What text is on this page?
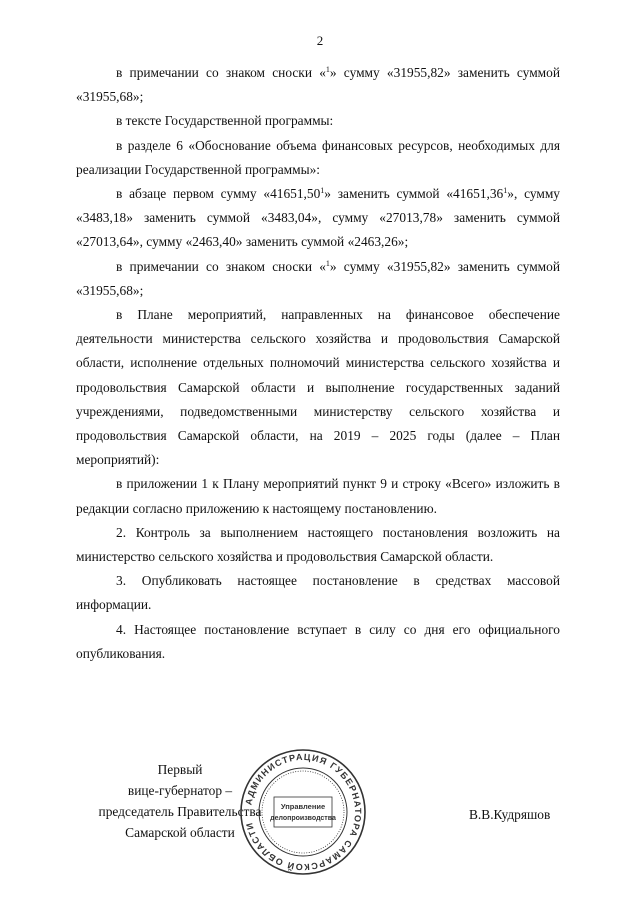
2

в примечании со знаком сноски «$^1$» сумму «31955,82» заменить суммой «31955,68»;

в тексте Государственной программы:

в разделе 6 «Обоснование объема финансовых ресурсов, необходимых для реализации Государственной программы»:

в абзаце первом сумму «41651,50$^1$» заменить суммой «41651,36$^1$», сумму «3483,18» заменить суммой «3483,04», сумму «27013,78» заменить суммой «27013,64», сумму «2463,40» заменить суммой «2463,26»;

в примечании со знаком сноски «$^1$» сумму «31955,82» заменить суммой «31955,68»;

в Плане мероприятий, направленных на финансовое обеспечение деятельности министерства сельского хозяйства и продовольствия Самарской области, исполнение отдельных полномочий министерства сельского хозяйства и продовольствия Самарской области и выполнение государственных заданий учреждениями, подведомственными министерству сельского хозяйства и продовольствия Самарской области, на 2019 – 2025 годы (далее – План мероприятий):

в приложении 1 к Плану мероприятий пункт 9 и строку «Всего» изложить в редакции согласно приложению к настоящему постановлению.

2. Контроль за выполнением настоящего постановления возложить на министерство сельского хозяйства и продовольствия Самарской области.

3. Опубликовать настоящее постановление в средствах массовой информации.

4. Настоящее постановление вступает в силу со дня его официального опубликования.

Первый
вице-губернатор –
председатель Правительства
Самарской области
АДМИНИСТРАЦИЯ ГУБЕРНАТОРА САМАРСКОЙ ОБЛАСТИ
Управление
делопроизводства	В.В.Кудряшов
